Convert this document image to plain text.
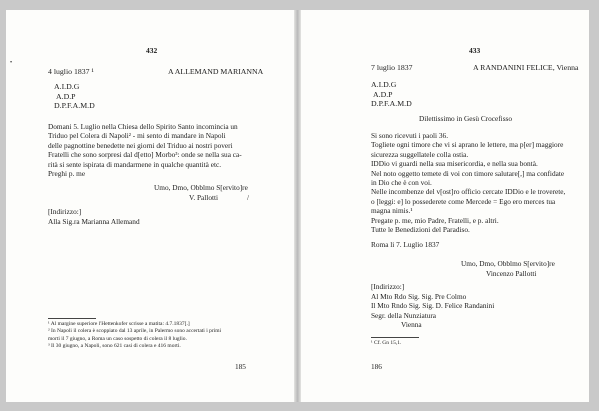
•
432
4 luglio 1837 ¹	A ALLEMAND MARIANNA
A.I.D.G
A.D.P
D.P.F.A.M.D
Domani 5. Luglio nella Chiesa dello Spirito Santo incomincia un
Triduo pel Colera di Napoli² - mi sento di mandare in Napoli
delle pagnottine benedette nei giorni del Triduo ai nostri poveri
Fratelli che sono sorpresi dal d[etto] Morbo³: onde se nella sua ca-
rità si sente ispirata di mandarmene in qualche quantità etc.
Preghi p. me
Umo, Dmo, Obblmo S[ervito]re
V. Pallotti	/
[Indirizzo:]
Alla Sig.ra Marianna Allemand
¹ Al margine superiore l'Hettenkofer scrisse a matita: 4.7.1837[.]
² In Napoli il colera è scoppiato dal 13 aprile, in Palermo sono accertati i primi
morti il 7 giugno, a Roma un caso sospetto di colera il 8 luglio.
³ Il 30 giugno, a Napoli, sono 621 casi di colera e 416 morti.
185
433
7 luglio 1837	A RANDANINI FELICE, Vienna
A.I.D.G
A.D.P
D.P.F.A.M.D
Dilettissimo in Gesù Crocefisso
Si sono ricevuti i paoli 36.
Togliete ogni timore che vi si aprano le lettere, ma p[er] maggiore
sicurezza suggellatele colla ostia.
IDDio vi guardi nella sua misericordia, e nella sua bontà.
Nel noto oggetto temete di voi con timore salutare[,] ma confidate
in Dio che è con voi.
Nelle incombenze del v[ost]ro officio cercate IDDio e le troverete,
o [leggi: e] lo possederete come Mercede = Ego ero merces tua
magna nimis.¹
Pregate p. me, mio Padre, Fratelli, e p. altri.
Tutte le Benedizioni del Paradiso.
Roma li 7. Luglio 1837
Umo, Dmo, Obblmo S[ervito]re
Vincenzo Pallotti
[Indirizzo:]
Al Mto Rdo Sig. Sig. Pre Colmo
Il Mto Rndo Sig. Sig. D. Felice Randanini
Segr. della Nunziatura
Vienna
¹ Cf. Gn 15,1.
186
